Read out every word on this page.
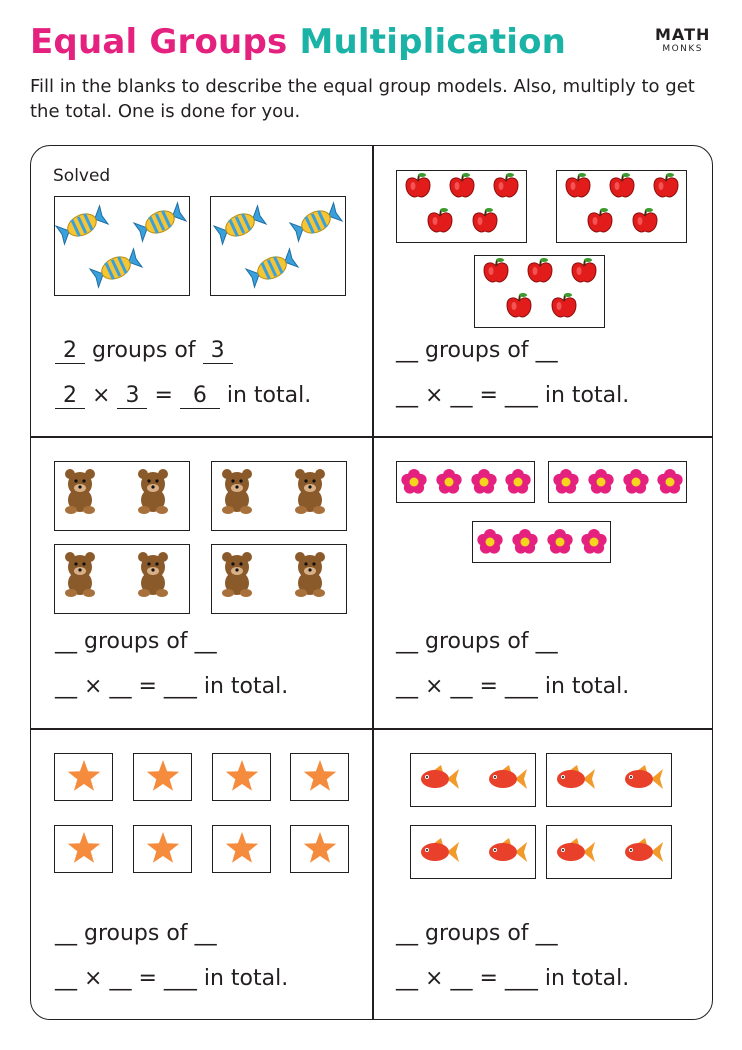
Equal Groups Multiplication	MATH
MONKS
Fill in the blanks to describe the equal group models. Also, multiply to get the total. One is done for you.
Solved
2 groups of 3
2 × 3 = 6 in total.
__ groups of __
__ × __ = ___ in total.
__ groups of __
__ × __ = ___ in total.
__ groups of __
__ × __ = ___ in total.
__ groups of __
__ × __ = ___ in total.
__ groups of __
__ × __ = ___ in total.
